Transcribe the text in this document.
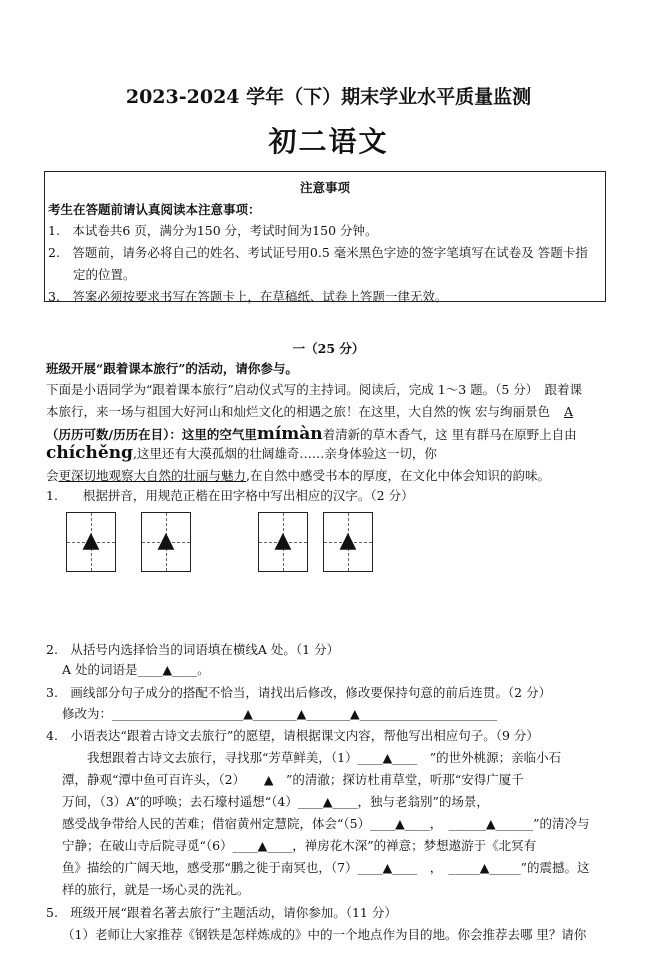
2023-2024 学年（下）期末学业水平质量监测
初二语文
注意事项
考生在答题前请认真阅读本注意事项：
1.　本试卷共6 页，满分为150 分，考试时间为150 分钟。
2.　答题前，请务必将自己的姓名、考试证号用0.5 毫米黑色字迹的签字笔填写在试卷及 答题卡指
　　定的位置。
3.　答案必须按要求书写在答题卡上，在草稿纸、试卷上答题一律无效。
一（25 分）
班级开展“跟着课本旅行”的活动，请你参与。
下面是小语同学为“跟着课本旅行”启动仪式写的主持词。阅读后，完成 1～3 题。（5 分）　跟着课
本旅行，来一场与祖国大好河山和灿烂文化的相遇之旅！在这里，大自然的恢 宏与绚丽景色 A
（历历可数/历历在目）：这里的空气里mímàn着清新的草木香气，这 里有群马在原野上自由
chíchěng,这里还有大漠孤烟的壮阔雄奇……亲身体验这一切，你
会更深切地观察大自然的壮丽与魅力,在自然中感受书本的厚度，在文化中体会知识的韵味。
1.　　根据拼音，用规范正楷在田字格中写出相应的汉字。（2 分）
▲	▲	▲ ▲
2.　从括号内选择恰当的词语填在横线A 处。（1 分）
A 处的词语是____▲____。
3.　画线部分句子成分的搭配不恰当，请找出后修改，修改要保持句意的前后连贯。（2 分）
修改为：_____________________▲_______▲_______▲______________________
4.　小语表达“跟着古诗文去旅行”的愿望，请根据课文内容，帮他写出相应句子。（9 分）
　　我想跟着古诗文去旅行，寻找那“芳草鲜美，（1）____▲____　”的世外桃源；亲临小石
潭，静观“潭中鱼可百许头，（2）　　▲　”的清澈；探访杜甫草堂，听那“安得广厦千
万间，（3）A”的呼唤；去石壕村遥想“（4）____▲____，独与老翁别”的场景，
感受战争带给人民的苦难；借宿黄州定慧院，体会“（5）____▲____，　______▲______”的清冷与
宁静；在破山寺后院寻觅“（6）____▲____，禅房花木深”的禅意；梦想遨游于《北冥有
鱼》描绘的广阔天地，感受那“鹏之徙于南冥也，（7）____▲____　，　_____▲_____”的震撼。这
样的旅行，就是一场心灵的洗礼。
5.　班级开展“跟着名著去旅行”主题活动，请你参加。（11 分）
（1）老师让大家推荐《钢铁是怎样炼成的》中的一个地点作为目的地。你会推荐去哪 里？请你
